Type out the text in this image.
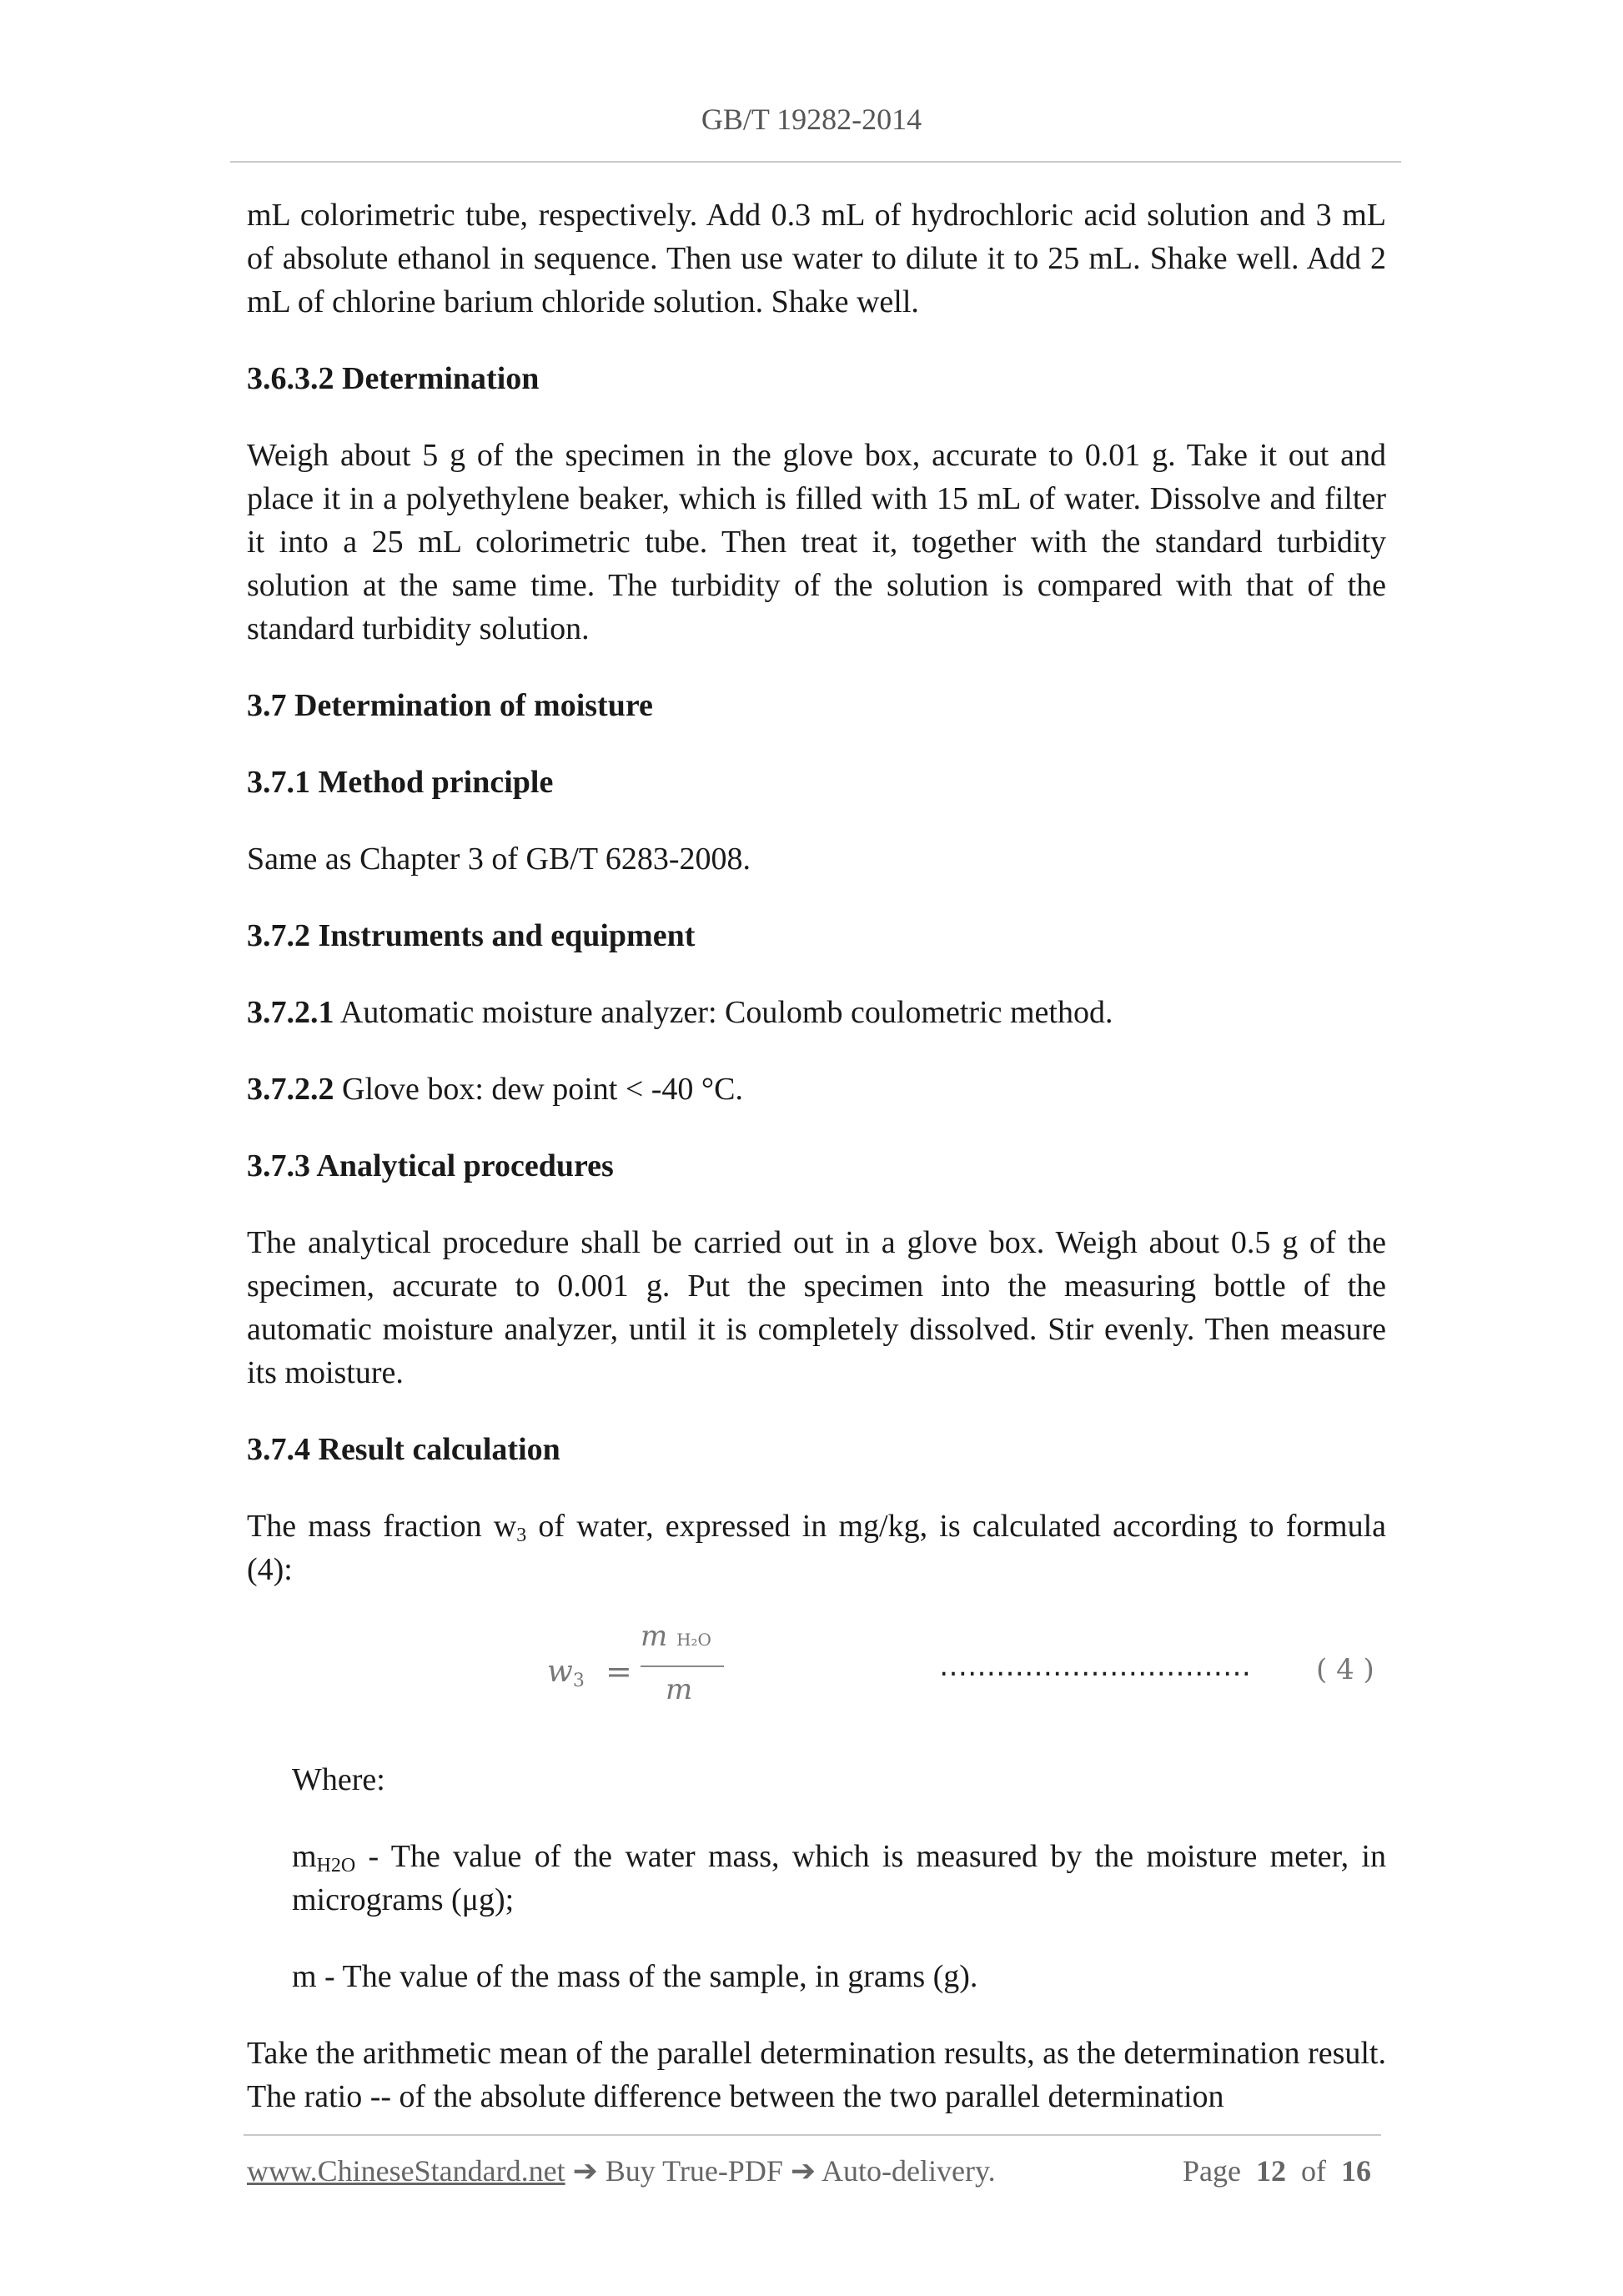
GB/T 19282-2014

mL colorimetric tube, respectively. Add 0.3 mL of hydrochloric acid solution and 3 mL of absolute ethanol in sequence. Then use water to dilute it to 25 mL. Shake well. Add 2 mL of chlorine barium chloride solution. Shake well.

3.6.3.2 Determination

Weigh about 5 g of the specimen in the glove box, accurate to 0.01 g. Take it out and place it in a polyethylene beaker, which is filled with 15 mL of water. Dissolve and filter it into a 25 mL colorimetric tube. Then treat it, together with the standard turbidity solution at the same time. The turbidity of the solution is compared with that of the standard turbidity solution.

3.7 Determination of moisture

3.7.1 Method principle

Same as Chapter 3 of GB/T 6283-2008.

3.7.2 Instruments and equipment

3.7.2.1 Automatic moisture analyzer: Coulomb coulometric method.

3.7.2.2 Glove box: dew point < -40 °C.

3.7.3 Analytical procedures

The analytical procedure shall be carried out in a glove box. Weigh about 0.5 g of the specimen, accurate to 0.001 g. Put the specimen into the measuring bottle of the automatic moisture analyzer, until it is completely dissolved. Stir evenly. Then measure its moisture.

3.7.4 Result calculation

The mass fraction $w_3$ of water, expressed in mg/kg, is calculated according to formula (4):

w3 =
m H₂O
m
…………………………… ( 4 )

Where:

$m_{H2O}$ - The value of the water mass, which is measured by the moisture meter, in micrograms (μg);

m - The value of the mass of the sample, in grams (g).

Take the arithmetic mean of the parallel determination results, as the determination result. The ratio -- of the absolute difference between the two parallel determination

www.ChineseStandard.net ➔ Buy True-PDF ➔ Auto-delivery.	Page 12 of 16
